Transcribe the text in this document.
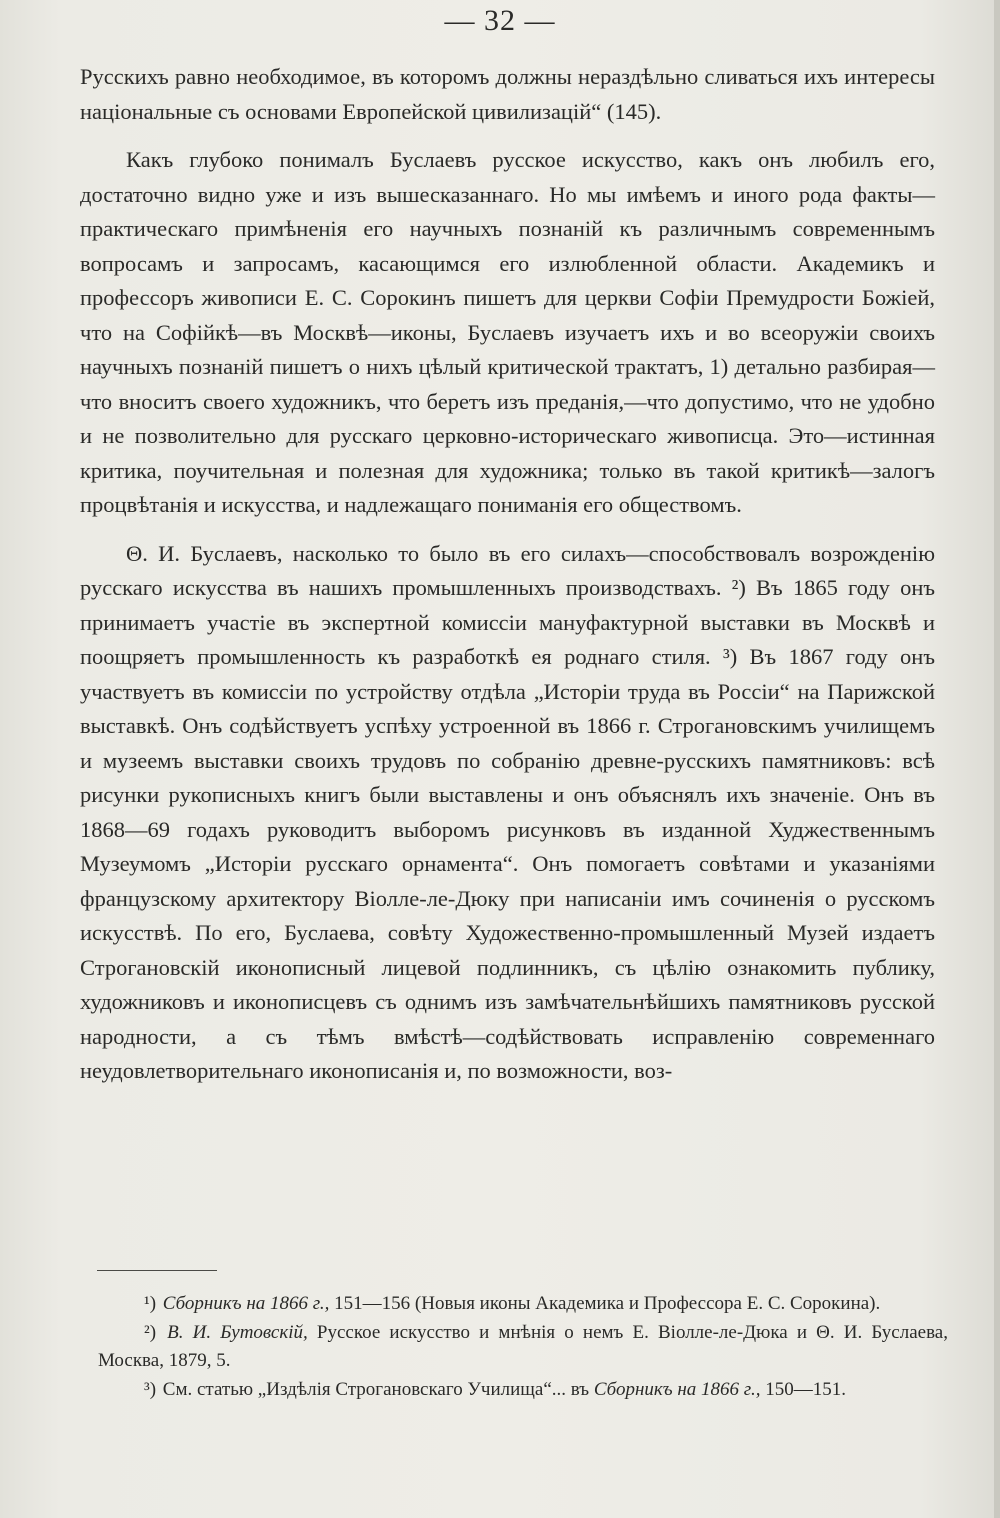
— 32 —

Русскихъ равно необходимое, въ которомъ должны нераздѣльно сливаться ихъ интересы націонaльные съ основами Европейской цивилизацій“ (145).

Какъ глубоко понималъ Буслаевъ русское искусство, какъ онъ любилъ его, достаточно видно уже и изъ вышесказаннаго. Но мы имѣемъ и иного рода факты—практическаго примѣненія его научныхъ познаній къ различнымъ современнымъ вопросамъ и запросамъ, касающимся его излюбленной области. Академикъ и профессоръ живописи Е. С. Сорокинъ пишетъ для церкви Софіи Премудрости Божіей, что на Софійкѣ—въ Москвѣ—иконы, Буслаевъ изучаетъ ихъ и во всеоружіи своихъ научныхъ познаній пишетъ о нихъ цѣлый критической трактатъ, 1) детально разбирая—что вноситъ своего художникъ, что беретъ изъ преданія,—что допустимо, что не удобно и не позволительно для русскаго церковно-историческаго живописца. Это—истинная критика, поучительная и полезная для художника; только въ такой критикѣ—залогъ процвѣтанія и искусства, и надлежащаго пониманія его обществомъ.

Θ. И. Буслаевъ, насколько то было въ его силахъ—способствовалъ возрожденію русскаго искусства въ нашихъ промышленныхъ производствахъ. ²) Въ 1865 году онъ принимаетъ участіе въ экспертной комиссіи мануфактурной выставки въ Москвѣ и поощряетъ промышленность къ разработкѣ ея роднаго стиля. ³) Въ 1867 году онъ участвуетъ въ комиссіи по устройству отдѣла „Исторіи труда въ Россіи“ на Парижской выставкѣ. Онъ содѣйствуетъ успѣху устроенной въ 1866 г. Строгановскимъ училищемъ и музеемъ выставки своихъ трудовъ по собранію древне-русскихъ памятниковъ: всѣ рисунки рукописныхъ книгъ были выставлены и онъ объяснялъ ихъ значеніе. Онъ въ 1868—69 годахъ руководитъ выборомъ рисунковъ въ изданной Худжественнымъ Музеумомъ „Исторіи русскаго орнамента“. Онъ помогаетъ совѣтами и указаніями французскому архитектору Віолле-ле-Дюку при написаніи имъ сочиненія о русскомъ искусствѣ. По его, Буслаева, совѣту Художественно-промышленный Музей издаетъ Строгановскій иконописный лицевой подлинникъ, съ цѣлію ознакомить публику, художниковъ и иконописцевъ съ однимъ изъ замѣчательнѣйшихъ памятниковъ русской народности, а съ тѣмъ вмѣстѣ—содѣйствовать исправленію современнаго неудовлетворительнаго иконописанія и, по возможности, воз-

¹) Сборникъ на 1866 г., 151—156 (Новыя иконы Академика и Профессора Е. С. Сорокина).
²) В. И. Бутовскій, Русское искусство и мнѣнія о немъ Е. Віолле-ле-Дюка и Θ. И. Буслаева, Москва, 1879, 5.
³) См. статью „Издѣлія Строгановскаго Училища“... въ Сборникъ на 1866 г., 150—151.
